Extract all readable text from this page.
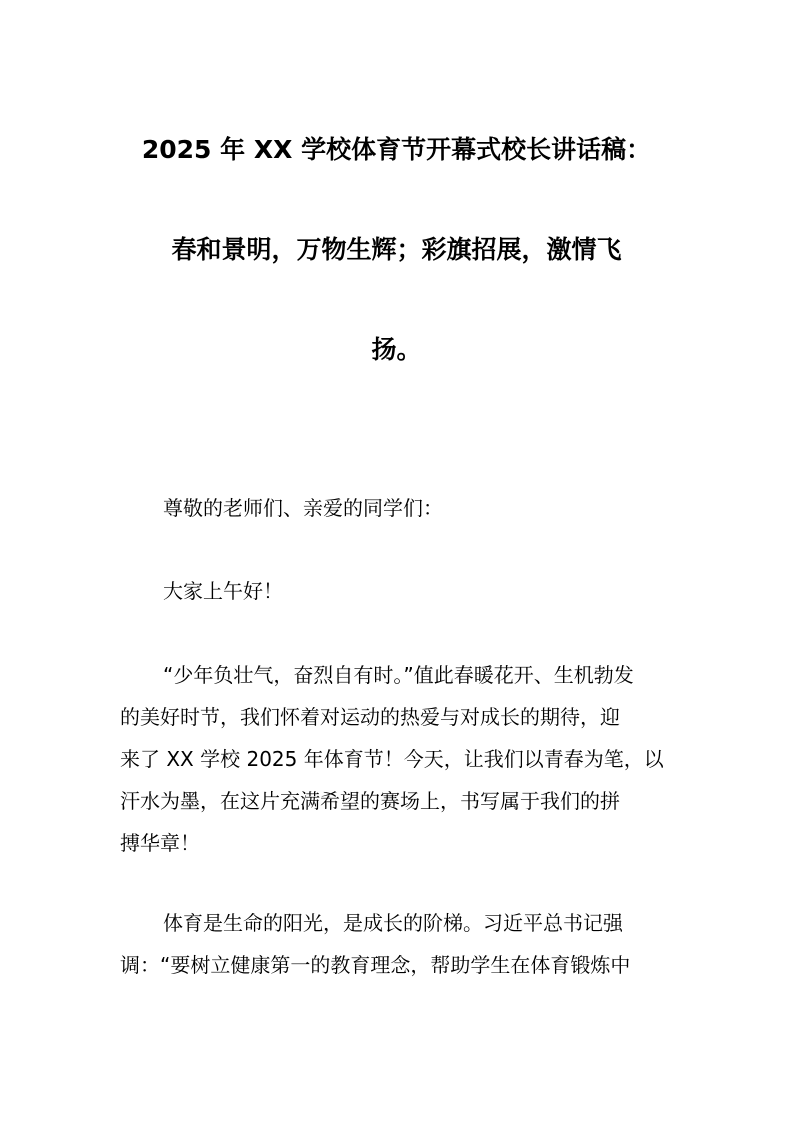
2025 年 XX 学校体育节开幕式校长讲话稿：
春和景明，万物生辉；彩旗招展，激情飞
扬。
尊敬的老师们、亲爱的同学们：
大家上午好！
“少年负壮气，奋烈自有时。”值此春暖花开、生机勃发
的美好时节，我们怀着对运动的热爱与对成长的期待，迎
来了 XX 学校 2025 年体育节！今天，让我们以青春为笔，以
汗水为墨，在这片充满希望的赛场上，书写属于我们的拼
搏华章！
体育是生命的阳光，是成长的阶梯。习近平总书记强
调：“要树立健康第一的教育理念，帮助学生在体育锻炼中
